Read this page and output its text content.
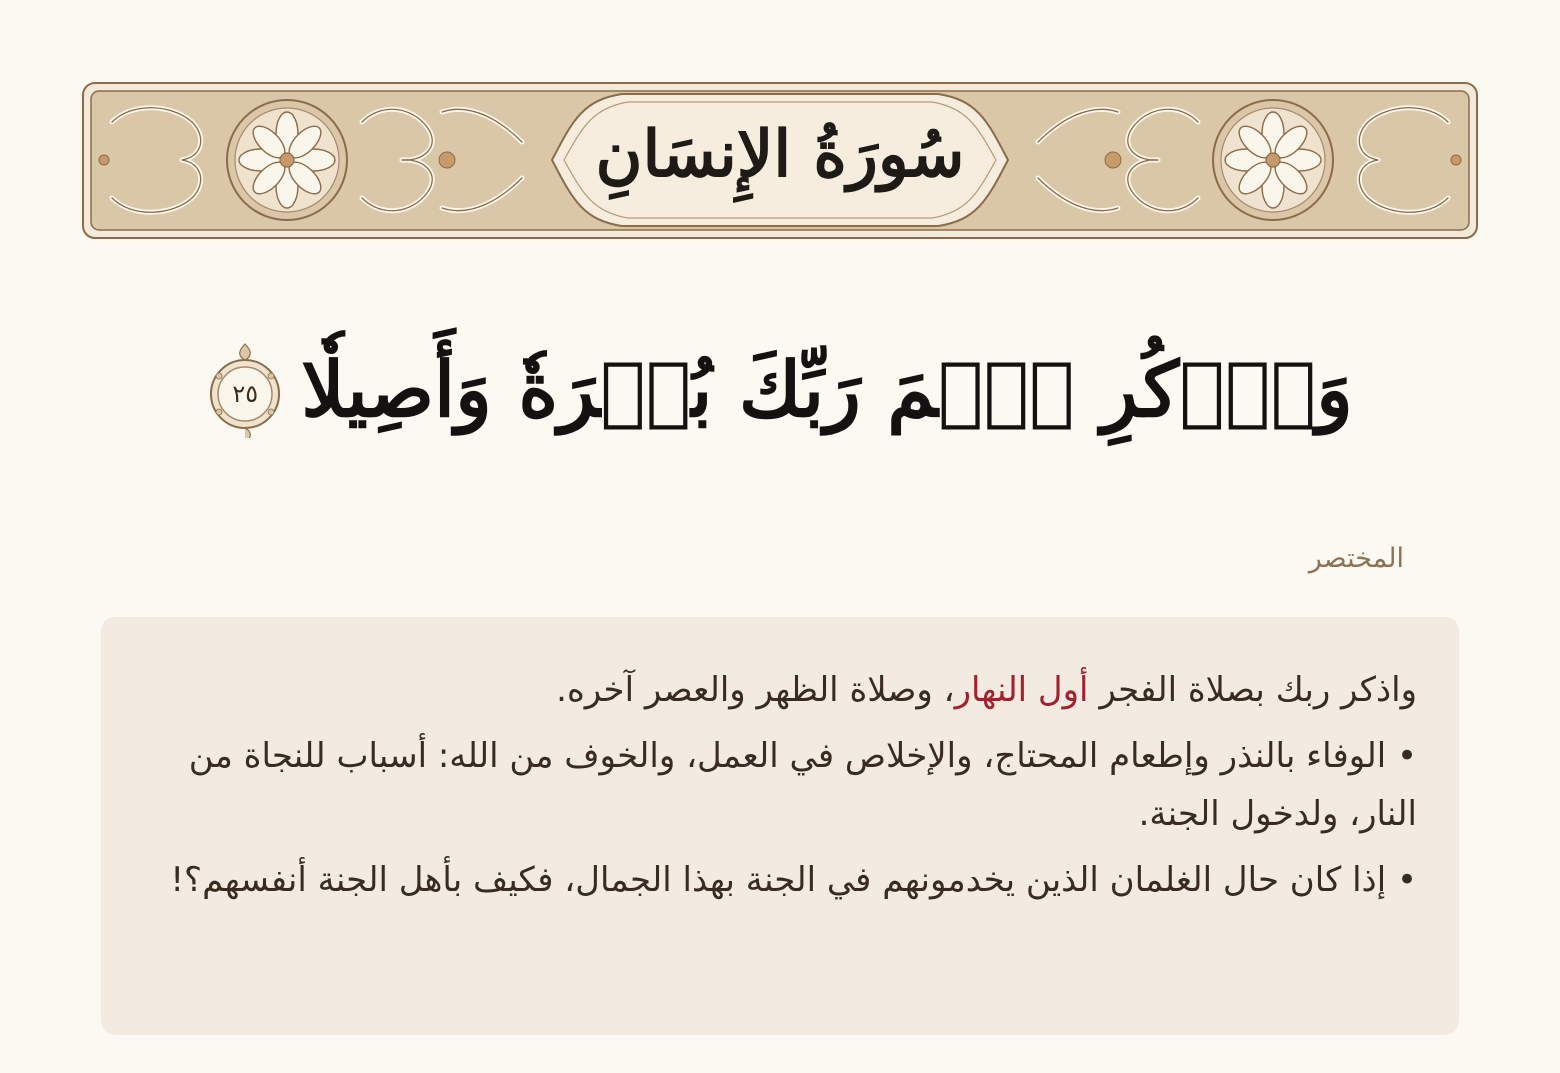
سُورَةُ الإِنسَانِ
وَٱذۡكُرِ ٱسۡمَ رَبِّكَ بُكۡرَةٗ وَأَصِيلٗا
٢٥
المختصر

واذكر ربك بصلاة الفجر أول النهار، وصلاة الظهر والعصر آخره.

• الوفاء بالنذر وإطعام المحتاج، والإخلاص في العمل، والخوف من الله: أسباب للنجاة من النار، ولدخول الجنة.

• إذا كان حال الغلمان الذين يخدمونهم في الجنة بهذا الجمال، فكيف بأهل الجنة أنفسهم؟!
